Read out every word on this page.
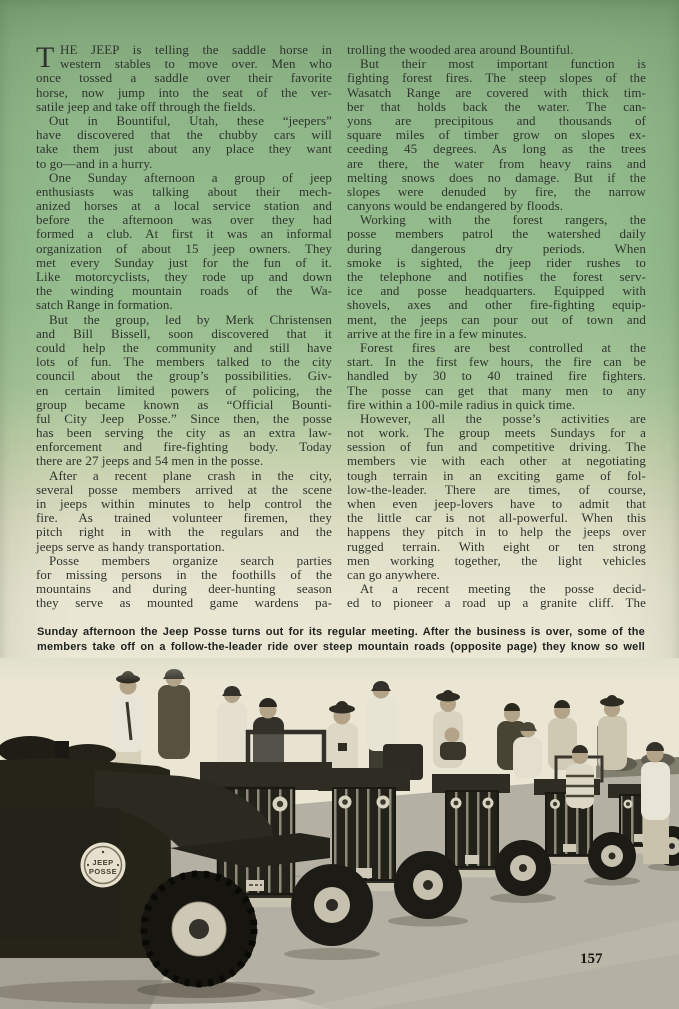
T HE JEEP is telling the saddle horse in
western stables to move over. Men who
once tossed a saddle over their favorite
horse, now jump into the seat of the ver-
satile jeep and take off through the fields.
Out in Bountiful, Utah, these “jeepers”
have discovered that the chubby cars will
take them just about any place they want
to go—and in a hurry.
One Sunday afternoon a group of jeep
enthusiasts was talking about their mech-
anized horses at a local service station and
before the afternoon was over they had
formed a club. At first it was an informal
organization of about 15 jeep owners. They
met every Sunday just for the fun of it.
Like motorcyclists, they rode up and down
the winding mountain roads of the Wa-
satch Range in formation.
But the group, led by Merk Christensen
and Bill Bissell, soon discovered that it
could help the community and still have
lots of fun. The members talked to the city
council about the group’s possibilities. Giv-
en certain limited powers of policing, the
group became known as “Official Bounti-
ful City Jeep Posse.” Since then, the posse
has been serving the city as an extra law-
enforcement and fire-fighting body. Today
there are 27 jeeps and 54 men in the posse.
After a recent plane crash in the city,
several posse members arrived at the scene
in jeeps within minutes to help control the
fire. As trained volunteer firemen, they
pitch right in with the regulars and the
jeeps serve as handy transportation.
Posse members organize search parties
for missing persons in the foothills of the
mountains and during deer-hunting season
they serve as mounted game wardens pa-
trolling the wooded area around Bountiful.
But their most important function is
fighting forest fires. The steep slopes of the
Wasatch Range are covered with thick tim-
ber that holds back the water. The can-
yons are precipitous and thousands of
square miles of timber grow on slopes ex-
ceeding 45 degrees. As long as the trees
are there, the water from heavy rains and
melting snows does no damage. But if the
slopes were denuded by fire, the narrow
canyons would be endangered by floods.
Working with the forest rangers, the
posse members patrol the watershed daily
during dangerous dry periods. When
smoke is sighted, the jeep rider rushes to
the telephone and notifies the forest serv-
ice and posse headquarters. Equipped with
shovels, axes and other fire-fighting equip-
ment, the jeeps can pour out of town and
arrive at the fire in a few minutes.
Forest fires are best controlled at the
start. In the first few hours, the fire can be
handled by 30 to 40 trained fire fighters.
The posse can get that many men to any
fire within a 100-mile radius in quick time.
However, all the posse’s activities are
not work. The group meets Sundays for a
session of fun and competitive driving. The
members vie with each other at negotiating
tough terrain in an exciting game of fol-
low-the-leader. There are times, of course,
when even jeep-lovers have to admit that
the little car is not all-powerful. When this
happens they pitch in to help the jeeps over
rugged terrain. With eight or ten strong
men working together, the light vehicles
can go anywhere.
At a recent meeting the posse decid-
ed to pioneer a road up a granite cliff. The
Sunday afternoon the Jeep Posse turns out for its regular meeting. After the business is over, some of the
members take off on a follow-the-leader ride over steep mountain roads (opposite page) they know so well
JEEP
POSSE
157
